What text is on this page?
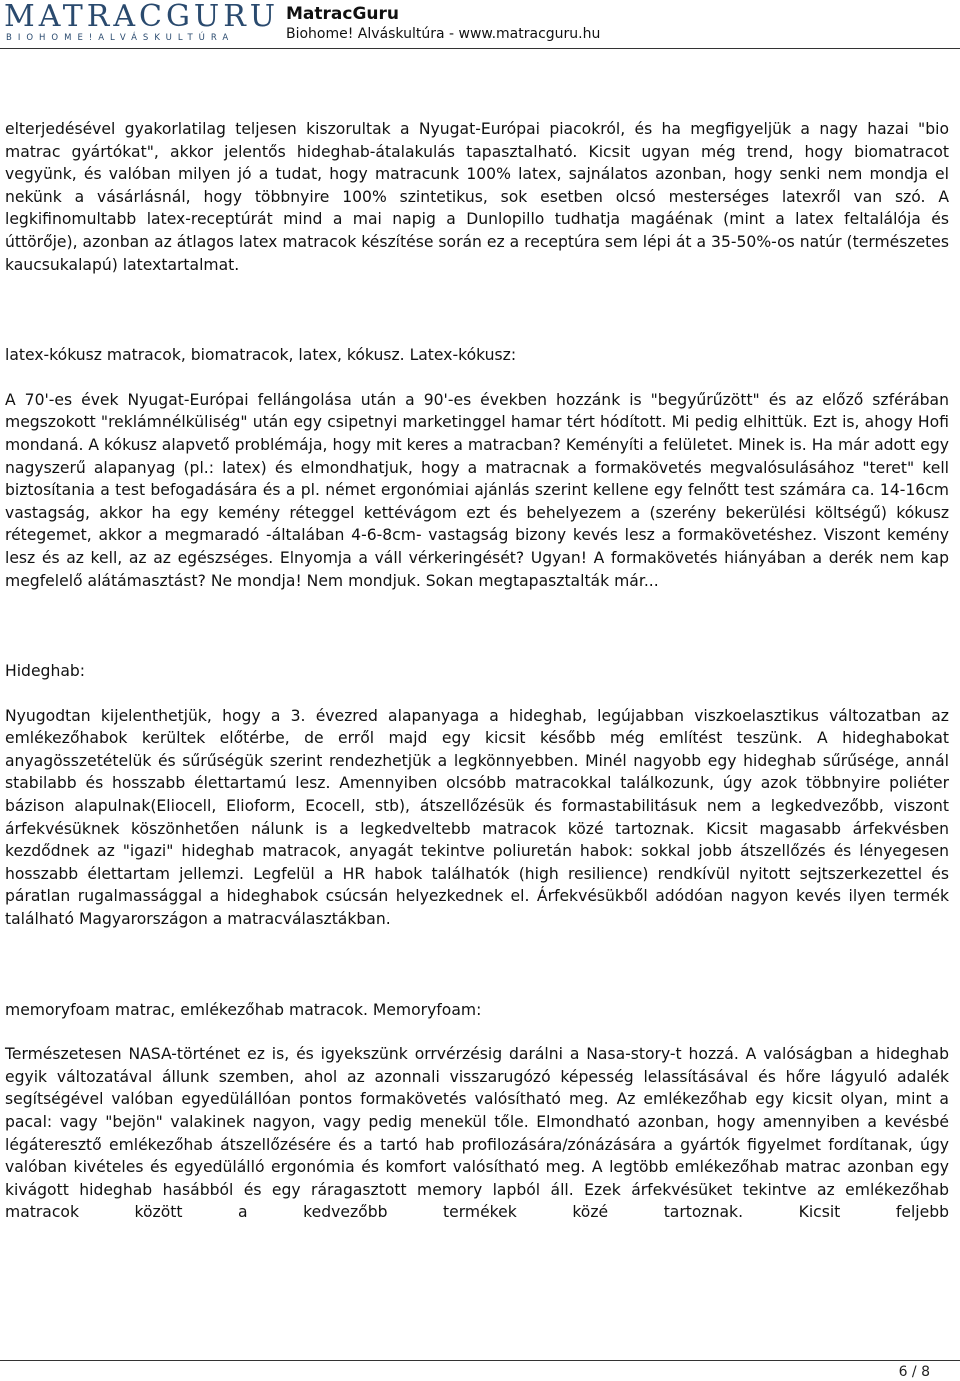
MATRACGURU
BIOHOME!ALVÁSKULTÚRA
MatracGuru
Biohome! Alváskultúra - www.matracguru.hu

elterjedésével gyakorlatilag teljesen kiszorultak a Nyugat-Európai piacokról, és ha megfigyeljük a nagy hazai "bio matrac gyártókat", akkor jelentős hideghab-átalakulás tapasztalható. Kicsit ugyan még trend, hogy biomatracot vegyünk, és valóban milyen jó a tudat, hogy matracunk 100% latex, sajnálatos azonban, hogy senki nem mondja el nekünk a vásárlásnál, hogy többnyire 100% szintetikus, sok esetben olcsó mesterséges latexről van szó. A legkifinomultabb latex-receptúrát mind a mai napig a Dunlopillo tudhatja magáénak (mint a latex feltalálója és úttörője), azonban az átlagos latex matracok készítése során ez a receptúra sem lépi át a 35-50%-os natúr (természetes kaucsukalapú) latextartalmat.

latex-kókusz matracok, biomatracok, latex, kókusz. Latex-kókusz:

A 70'-es évek Nyugat-Európai fellángolása után a 90'-es években hozzánk is "begyűrűzött" és az előző szférában megszokott "reklámnélküliség" után egy csipetnyi marketinggel hamar tért hódított. Mi pedig elhittük. Ezt is, ahogy Hofi mondaná. A kókusz alapvető problémája, hogy mit keres a matracban? Keményíti a felületet. Minek is. Ha már adott egy nagyszerű alapanyag (pl.: latex) és elmondhatjuk, hogy a matracnak a formakövetés megvalósulásához "teret" kell biztosítania a test befogadására és a pl. német ergonómiai ajánlás szerint kellene egy felnőtt test számára ca. 14-16cm vastagság, akkor ha egy kemény réteggel kettévágom ezt és behelyezem a (szerény bekerülési költségű) kókusz rétegemet, akkor a megmaradó -általában 4-6-8cm- vastagság bizony kevés lesz a formakövetéshez. Viszont kemény lesz és az kell, az az egészséges. Elnyomja a váll vérkeringését? Ugyan! A formakövetés hiányában a derék nem kap megfelelő alátámasztást? Ne mondja! Nem mondjuk. Sokan megtapasztalták már...

Hideghab:

Nyugodtan kijelenthetjük, hogy a 3. évezred alapanyaga a hideghab, legújabban viszkoelasztikus változatban az emlékezőhabok kerültek előtérbe, de erről majd egy kicsit később még említést teszünk. A hideghabokat anyagösszetételük és sűrűségük szerint rendezhetjük a legkönnyebben. Minél nagyobb egy hideghab sűrűsége, annál stabilabb és hosszabb élettartamú lesz. Amennyiben olcsóbb matracokkal találkozunk, úgy azok többnyire poliéter bázison alapulnak(Eliocell, Elioform, Ecocell, stb), átszellőzésük és formastabilitásuk nem a legkedvezőbb, viszont árfekvésüknek köszönhetően nálunk is a legkedveltebb matracok közé tartoznak. Kicsit magasabb árfekvésben kezdődnek az "igazi" hideghab matracok, anyagát tekintve poliuretán habok: sokkal jobb átszellőzés és lényegesen hosszabb élettartam jellemzi. Legfelül a HR habok találhatók (high resilience) rendkívül nyitott sejtszerkezettel és páratlan rugalmassággal a hideghabok csúcsán helyezkednek el. Árfekvésükből adódóan nagyon kevés ilyen termék található Magyarországon a matracválasztákban.

memoryfoam matrac, emlékezőhab matracok. Memoryfoam:

Természetesen NASA-történet ez is, és igyekszünk orrvérzésig darálni a Nasa-story-t hozzá. A valóságban a hideghab egyik változatával állunk szemben, ahol az azonnali visszarugózó képesség lelassításával és hőre lágyuló adalék segítségével valóban egyedülállóan pontos formakövetés valósítható meg. Az emlékezőhab egy kicsit olyan, mint a pacal: vagy "bejön" valakinek nagyon, vagy pedig menekül tőle. Elmondható azonban, hogy amennyiben a kevésbé légáteresztő emlékezőhab átszellőzésére és a tartó hab profilozására/zónázására a gyártók figyelmet fordítanak, úgy valóban kivételes és egyedülálló ergonómia és komfort valósítható meg. A legtöbb emlékezőhab matrac azonban egy kivágott hideghab hasábból és egy ráragasztott memory lapból áll. Ezek árfekvésüket tekintve az emlékezőhab matracok között a kedvezőbb termékek közé tartoznak. Kicsit feljebb

6 / 8
